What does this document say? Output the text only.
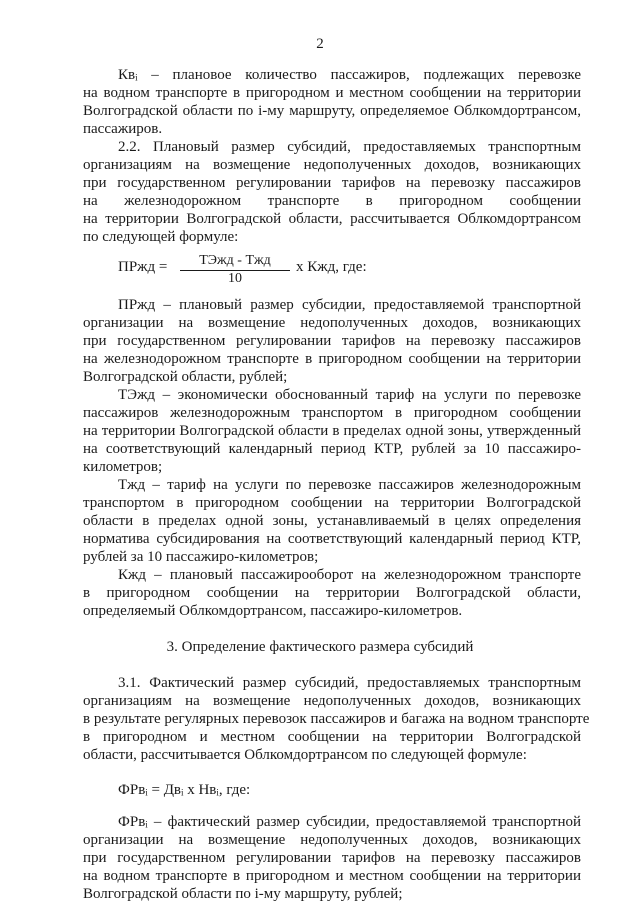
2
Квᵢ – плановое количество пассажиров, подлежащих перевозке
на водном транспорте в пригородном и местном сообщении на территории
Волгоградской области по i-му маршруту, определяемое Облкомдортрансом,
пассажиров.
2.2. Плановый размер субсидий, предоставляемых транспортным
организациям на возмещение недополученных доходов, возникающих
при государственном регулировании тарифов на перевозку пассажиров
на железнодорожном транспорте в пригородном сообщении
на территории Волгоградской области, рассчитывается Облкомдортрансом
по следующей формуле:
ПРжд =	ТЭжд - Тжд
10
х Кжд, где:
ПРжд – плановый размер субсидии, предоставляемой транспортной
организации на возмещение недополученных доходов, возникающих
при государственном регулировании тарифов на перевозку пассажиров
на железнодорожном транспорте в пригородном сообщении на территории
Волгоградской области, рублей;
ТЭжд – экономически обоснованный тариф на услуги по перевозке
пассажиров железнодорожным транспортом в пригородном сообщении
на территории Волгоградской области в пределах одной зоны, утвержденный
на соответствующий календарный период КТР, рублей за 10 пассажиро-
километров;
Тжд – тариф на услуги по перевозке пассажиров железнодорожным
транспортом в пригородном сообщении на территории Волгоградской
области в пределах одной зоны, устанавливаемый в целях определения
норматива субсидирования на соответствующий календарный период КТР,
рублей за 10 пассажиро-километров;
Кжд – плановый пассажирооборот на железнодорожном транспорте
в пригородном сообщении на территории Волгоградской области,
определяемый Облкомдортрансом, пассажиро-километров.
3. Определение фактического размера субсидий
3.1. Фактический размер субсидий, предоставляемых транспортным
организациям на возмещение недополученных доходов, возникающих
в результате регулярных перевозок пассажиров и багажа на водном транспорте
в пригородном и местном сообщении на территории Волгоградской
области, рассчитывается Облкомдортрансом по следующей формуле:
ФРвᵢ = Двᵢ х Нвᵢ, где:
ФРвᵢ – фактический размер субсидии, предоставляемой транспортной
организации на возмещение недополученных доходов, возникающих
при государственном регулировании тарифов на перевозку пассажиров
на водном транспорте в пригородном и местном сообщении на территории
Волгоградской области по i-му маршруту, рублей;
